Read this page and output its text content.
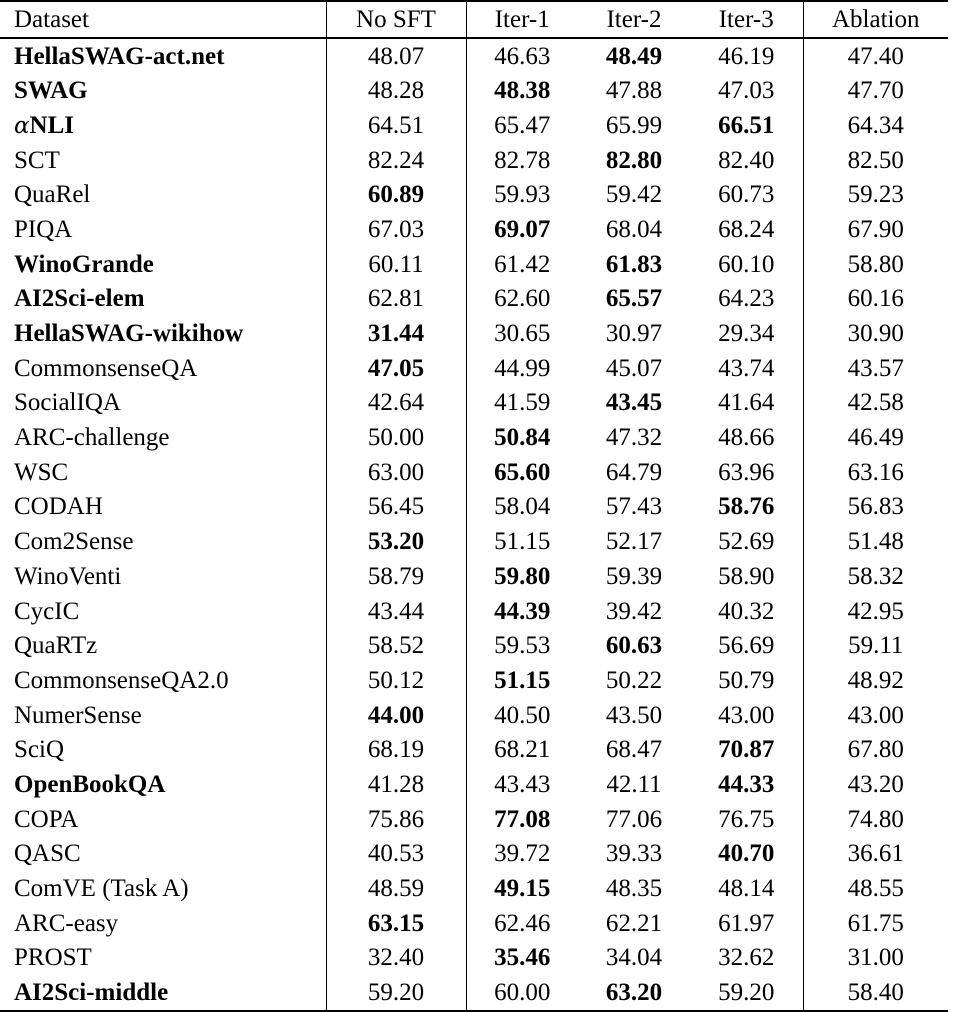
Dataset	No SFT	Iter-1	Iter-2	Iter-3	Ablation
HellaSWAG-act.net	48.07	46.63	48.49	46.19	47.40
SWAG	48.28	48.38	47.88	47.03	47.70
αNLI	64.51	65.47	65.99	66.51	64.34
SCT	82.24	82.78	82.80	82.40	82.50
QuaRel	60.89	59.93	59.42	60.73	59.23
PIQA	67.03	69.07	68.04	68.24	67.90
WinoGrande	60.11	61.42	61.83	60.10	58.80
AI2Sci-elem	62.81	62.60	65.57	64.23	60.16
HellaSWAG-wikihow	31.44	30.65	30.97	29.34	30.90
CommonsenseQA	47.05	44.99	45.07	43.74	43.57
SocialIQA	42.64	41.59	43.45	41.64	42.58
ARC-challenge	50.00	50.84	47.32	48.66	46.49
WSC	63.00	65.60	64.79	63.96	63.16
CODAH	56.45	58.04	57.43	58.76	56.83
Com2Sense	53.20	51.15	52.17	52.69	51.48
WinoVenti	58.79	59.80	59.39	58.90	58.32
CycIC	43.44	44.39	39.42	40.32	42.95
QuaRTz	58.52	59.53	60.63	56.69	59.11
CommonsenseQA2.0	50.12	51.15	50.22	50.79	48.92
NumerSense	44.00	40.50	43.50	43.00	43.00
SciQ	68.19	68.21	68.47	70.87	67.80
OpenBookQA	41.28	43.43	42.11	44.33	43.20
COPA	75.86	77.08	77.06	76.75	74.80
QASC	40.53	39.72	39.33	40.70	36.61
ComVE (Task A)	48.59	49.15	48.35	48.14	48.55
ARC-easy	63.15	62.46	62.21	61.97	61.75
PROST	32.40	35.46	34.04	32.62	31.00
AI2Sci-middle	59.20	60.00	63.20	59.20	58.40
